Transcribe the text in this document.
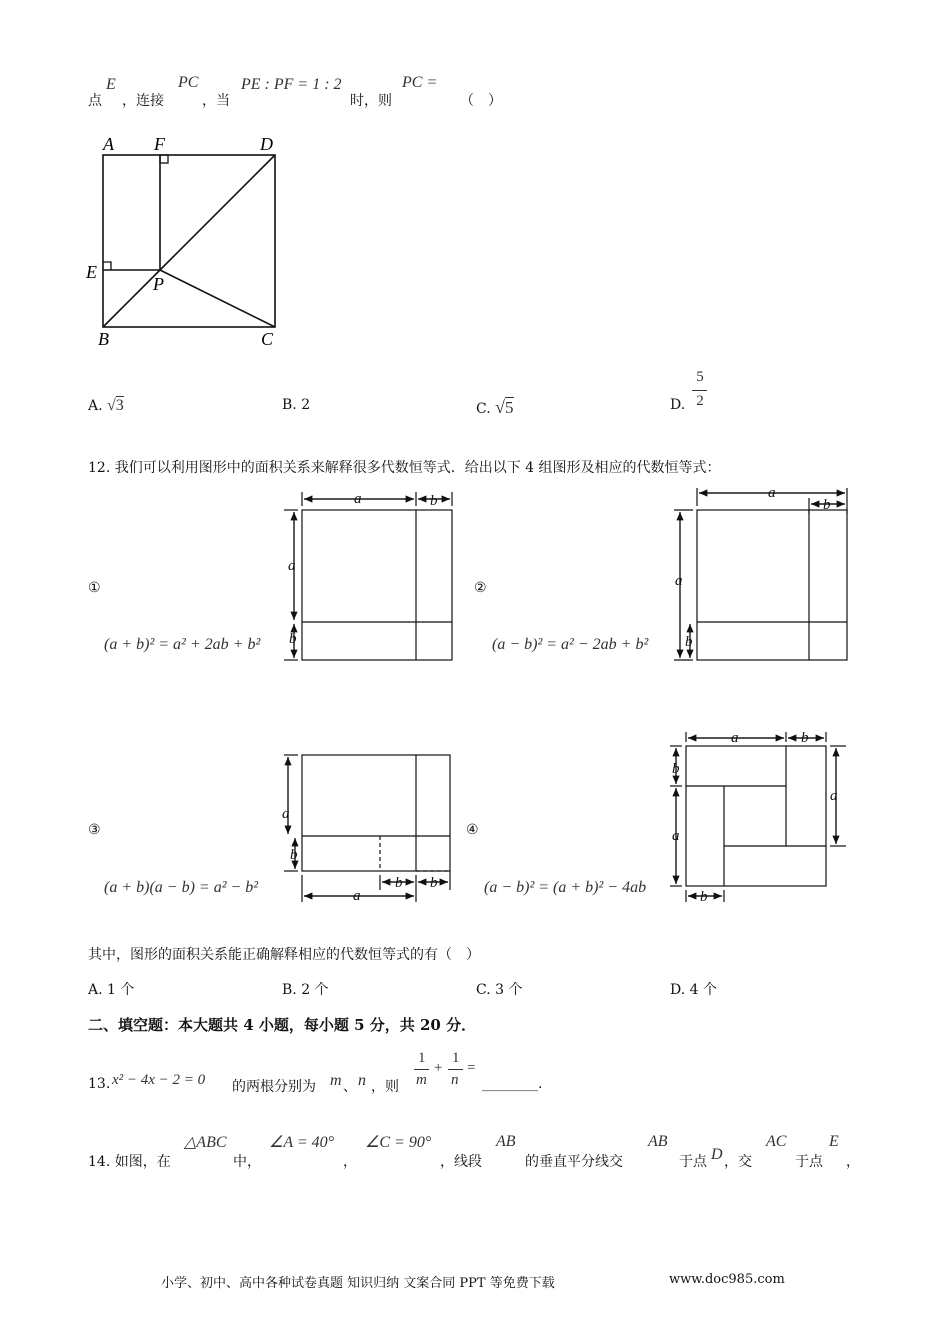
点
E
，连接
PC
，当
PE : PF = 1 : 2
时，则
PC =
（　）
A F	D
E
P
B	C
A. √3	B. 2	C. √5	D.
5
2
12. 我们可以利用图形中的面积关系来解释很多代数恒等式．给出以下 4 组图形及相应的代数恒等式：
①	②
③	④
(a + b)² = a² + 2ab + b²	(a − b)² = a² − 2ab + b²
(a + b)(a − b) = a² − b²	(a − b)² = (a + b)² − 4ab
a	b
a
b
a
b
a
b
a
b
b b
a
a	b
b
a
a
b
其中，图形的面积关系能正确解释相应的代数恒等式的有（　）
A. 1 个	B. 2 个	C. 3 个	D. 4 个
二、填空题：本大题共 4 小题，每小题 5 分，共 20 分．
13. x² − 4x − 2 = 0 的两根分别为 m 、 n ，则
1
m
+
1
n
=
________.
14. 如图，在
△ABC
中，
∠A = 40°
，
∠C = 90°
，线段
AB
的垂直平分线交
AB
于点 D ，交
AC
于点
E
，
小学、初中、高中各种试卷真题 知识归纳 文案合同 PPT 等免费下载	www.doc985.com
